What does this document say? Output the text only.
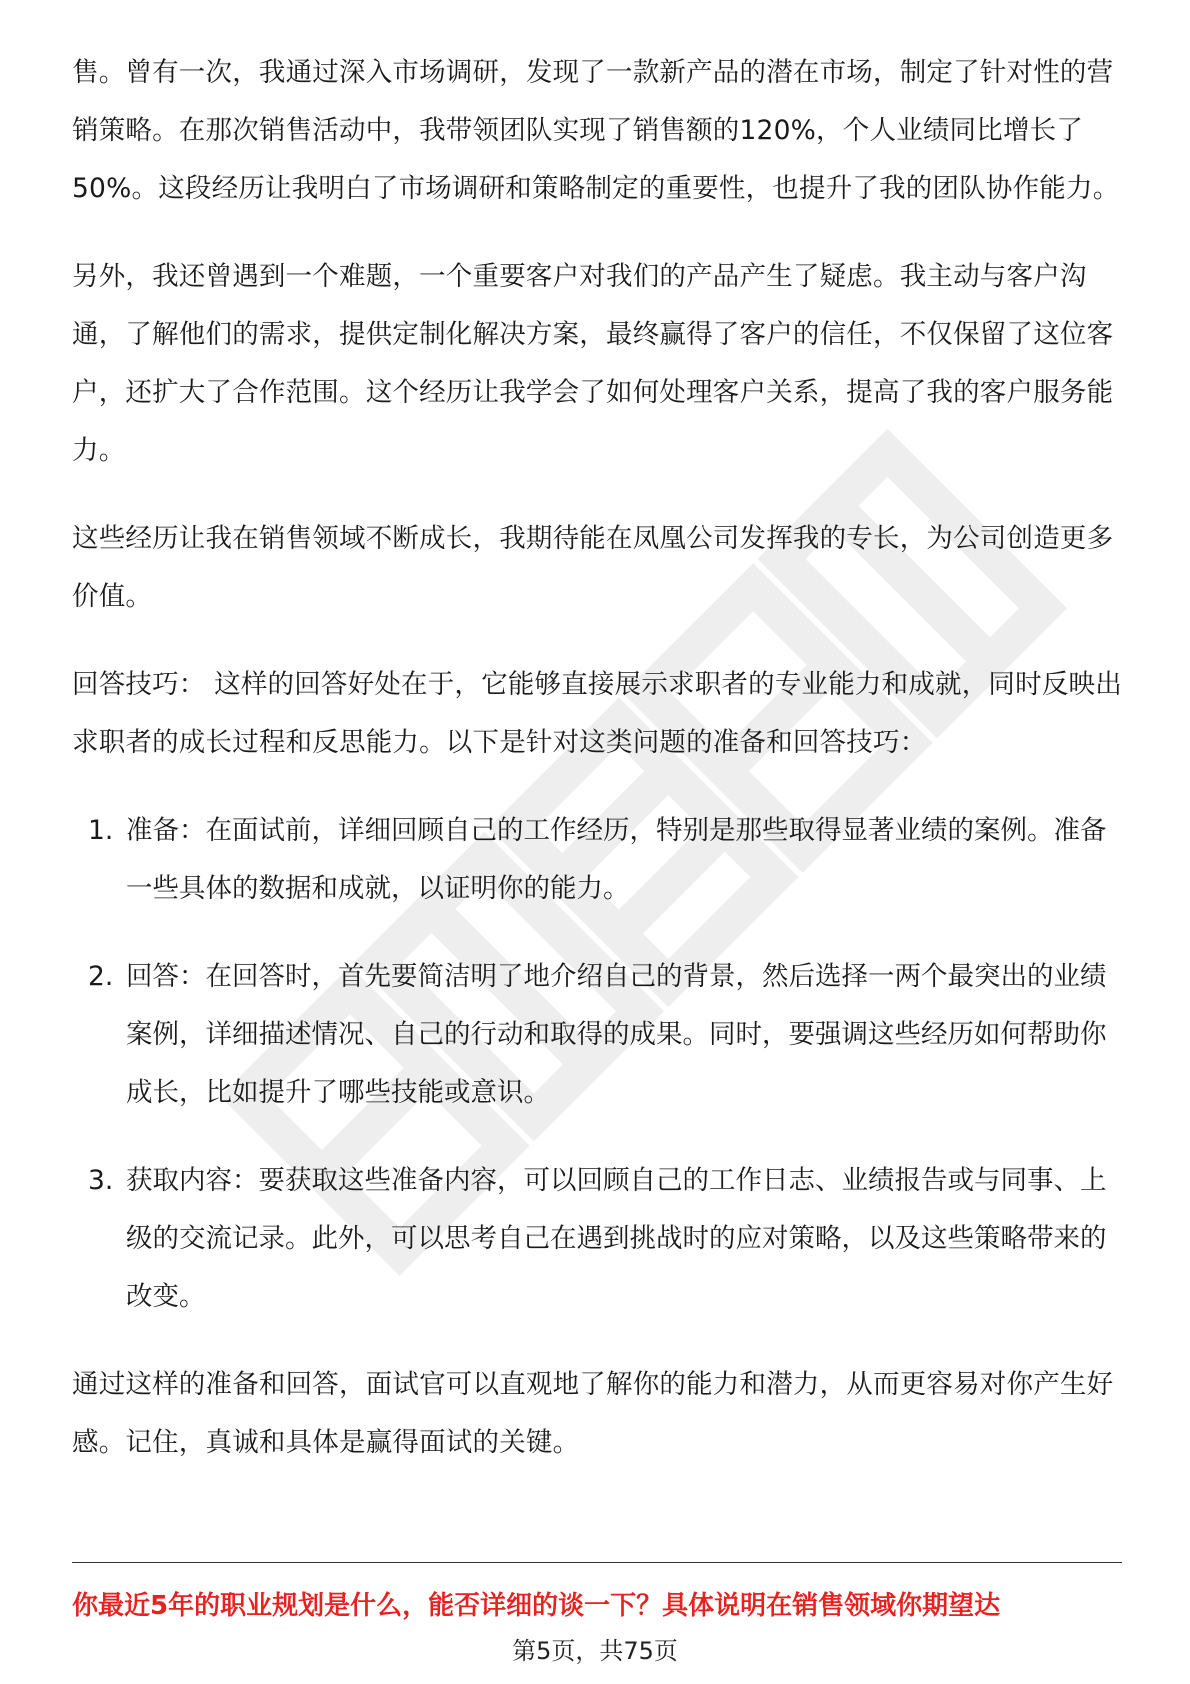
售。曾有一次，我通过深入市场调研，发现了一款新产品的潜在市场，制定了针对性的营销策略。在那次销售活动中，我带领团队实现了销售额的120%，个人业绩同比增长了50%。这段经历让我明白了市场调研和策略制定的重要性，也提升了我的团队协作能力。

另外，我还曾遇到一个难题，一个重要客户对我们的产品产生了疑虑。我主动与客户沟通，了解他们的需求，提供定制化解决方案，最终赢得了客户的信任，不仅保留了这位客户，还扩大了合作范围。这个经历让我学会了如何处理客户关系，提高了我的客户服务能力。

这些经历让我在销售领域不断成长，我期待能在凤凰公司发挥我的专长，为公司创造更多价值。

回答技巧： 这样的回答好处在于，它能够直接展示求职者的专业能力和成就，同时反映出求职者的成长过程和反思能力。以下是针对这类问题的准备和回答技巧：

1. 准备：在面试前，详细回顾自己的工作经历，特别是那些取得显著业绩的案例。准备一些具体的数据和成就，以证明你的能力。
2. 回答：在回答时，首先要简洁明了地介绍自己的背景，然后选择一两个最突出的业绩案例，详细描述情况、自己的行动和取得的成果。同时，要强调这些经历如何帮助你成长，比如提升了哪些技能或意识。
3. 获取内容：要获取这些准备内容，可以回顾自己的工作日志、业绩报告或与同事、上级的交流记录。此外，可以思考自己在遇到挑战时的应对策略，以及这些策略带来的改变。

通过这样的准备和回答，面试官可以直观地了解你的能力和潜力，从而更容易对你产生好感。记住，真诚和具体是赢得面试的关键。

你最近5年的职业规划是什么，能否详细的谈一下？具体说明在销售领域你期望达
第5页，共75页
